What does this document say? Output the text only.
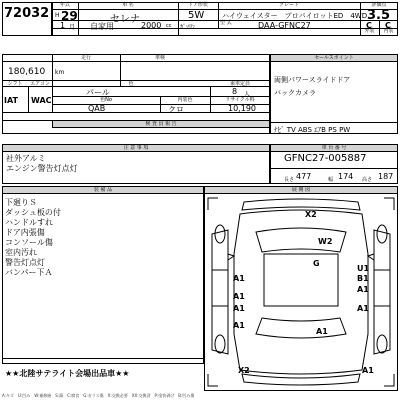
72032
年式	車 名	ドア形状	グレード	評価点
H 29	セレナ	5W	ハイウェイスター　プロパイロットED　4WD 3.5
1 月 自家用	2000 cc ｶﾞｿﾘﾝ
型 式	DAA-GFNC27
外装	内装
C C
走行	車検
180,610 km
シフト	エアコン	色	乗車定員
IAT WAC
パール	8 人
色No	内装色	リサイクル料
QAB	クロ	10,190
検 査 員 報 告
セールスポイント
両側パワースライドドア
バックカメラ
ﾅﾋﾞ TV ABS ｴｱB PS PW
注 意 事 項
社外アルミ
エンジン警告灯点灯
車 台 番 号
GFNC27-005887
長さ 477	幅 174 高さ 187
装 備 品
下廻りＳ
ダッシュ板の付
ハンドルすれ
ドア内張傷
コンソール傷
室内汚れ
警告灯点灯
バンパー下Ａ
展 開 図
X2
W2
G
A1
U1
B1
A1
A1
A1	A1
A1
A1
X2	A1
★★北陸サテライト会場出品車★★
A:キズ　U:凹み　W:補修跡　S:錆　C:腐食　G:ガラス傷　X:交換必要　XX:交換済　P:塗装剥げ　B:凹み傷
